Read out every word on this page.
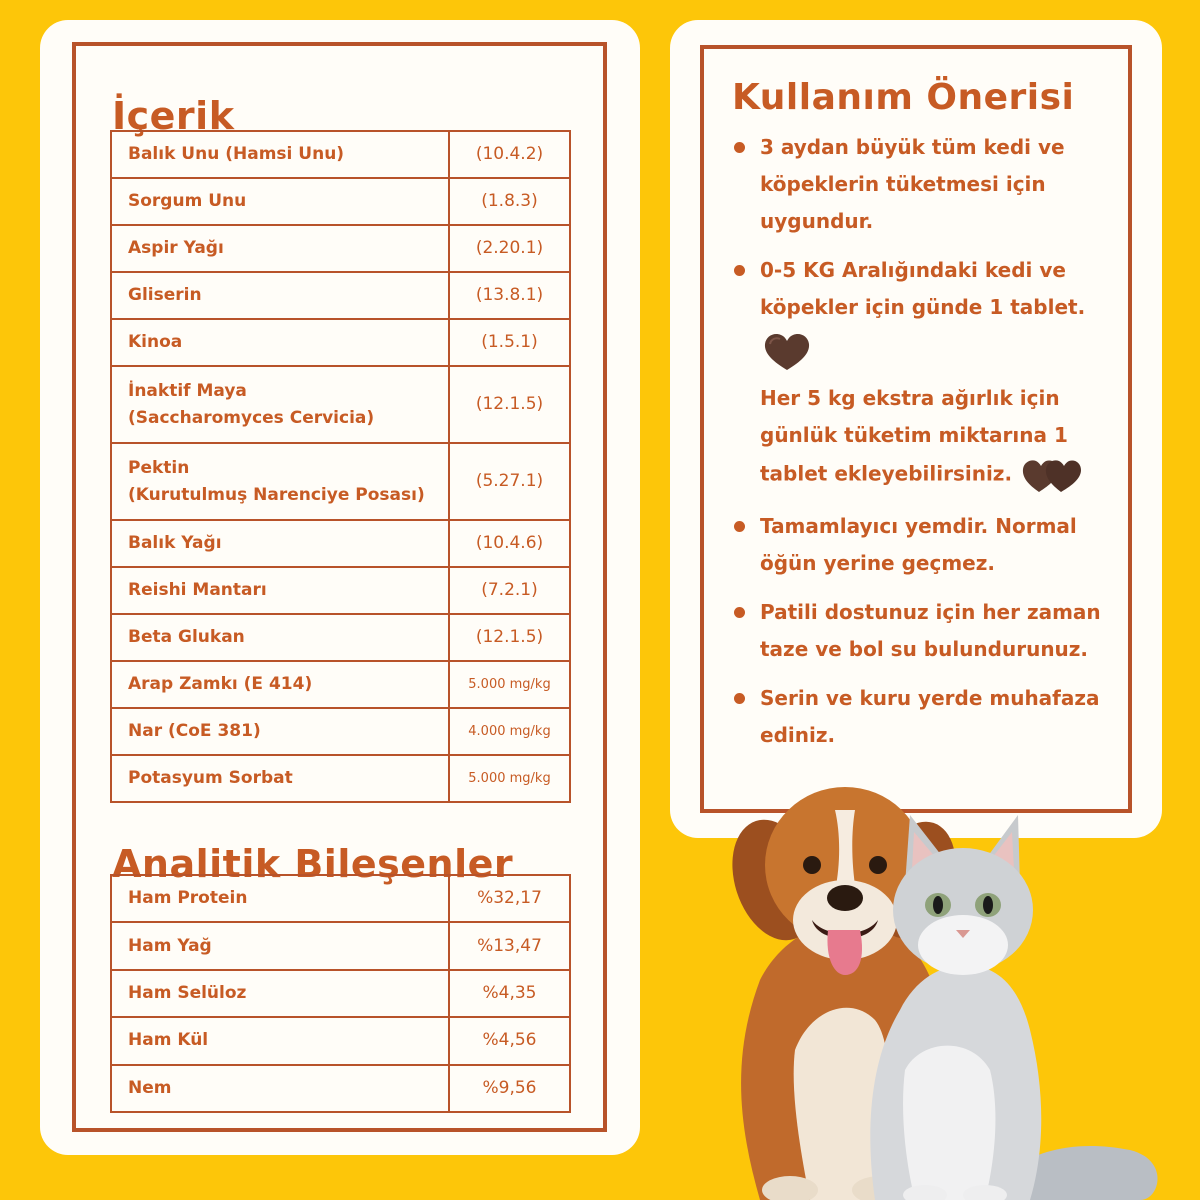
İçerik
Balık Unu (Hamsi Unu)	(10.4.2)
Sorgum Unu	(1.8.3)
Aspir Yağı	(2.20.1)
Gliserin	(13.8.1)
Kinoa	(1.5.1)
İnaktif Maya
(Saccharomyces Cervicia)	(12.1.5)
Pektin
(Kurutulmuş Narenciye Posası)	(5.27.1)
Balık Yağı	(10.4.6)
Reishi Mantarı	(7.2.1)
Beta Glukan	(12.1.5)
Arap Zamkı (E 414)	5.000 mg/kg
Nar (CoE 381)	4.000 mg/kg
Potasyum Sorbat	5.000 mg/kg
Analitik Bileşenler
Ham Protein	%32,17
Ham Yağ	%13,47
Ham Selüloz	%4,35
Ham Kül	%4,56
Nem	%9,56
Kullanım Önerisi
3 aydan büyük tüm kedi ve köpeklerin tüketmesi için uygundur.
0-5 KG Aralığındaki kedi ve köpekler için günde 1 tablet.
Her 5 kg ekstra ağırlık için günlük tüketim miktarına 1 tablet ekleyebilirsiniz.
Tamamlayıcı yemdir. Normal öğün yerine geçmez.
Patili dostunuz için her zaman taze ve bol su bulundurunuz.
Serin ve kuru yerde muhafaza ediniz.
